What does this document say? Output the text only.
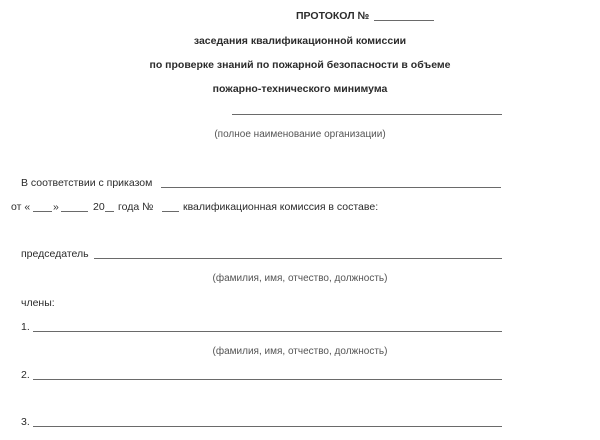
ПРОТОКОЛ №
заседания квалификационной комиссии
по проверке знаний по пожарной безопасности в объеме
пожарно-технического минимума
(полное наименование организации)
В соответствии с приказом
от « »	20 года №	квалификационная комиссия в составе:
председатель
(фамилия, имя, отчество, должность)
члены:
1.
(фамилия, имя, отчество, должность)
2.
3.
